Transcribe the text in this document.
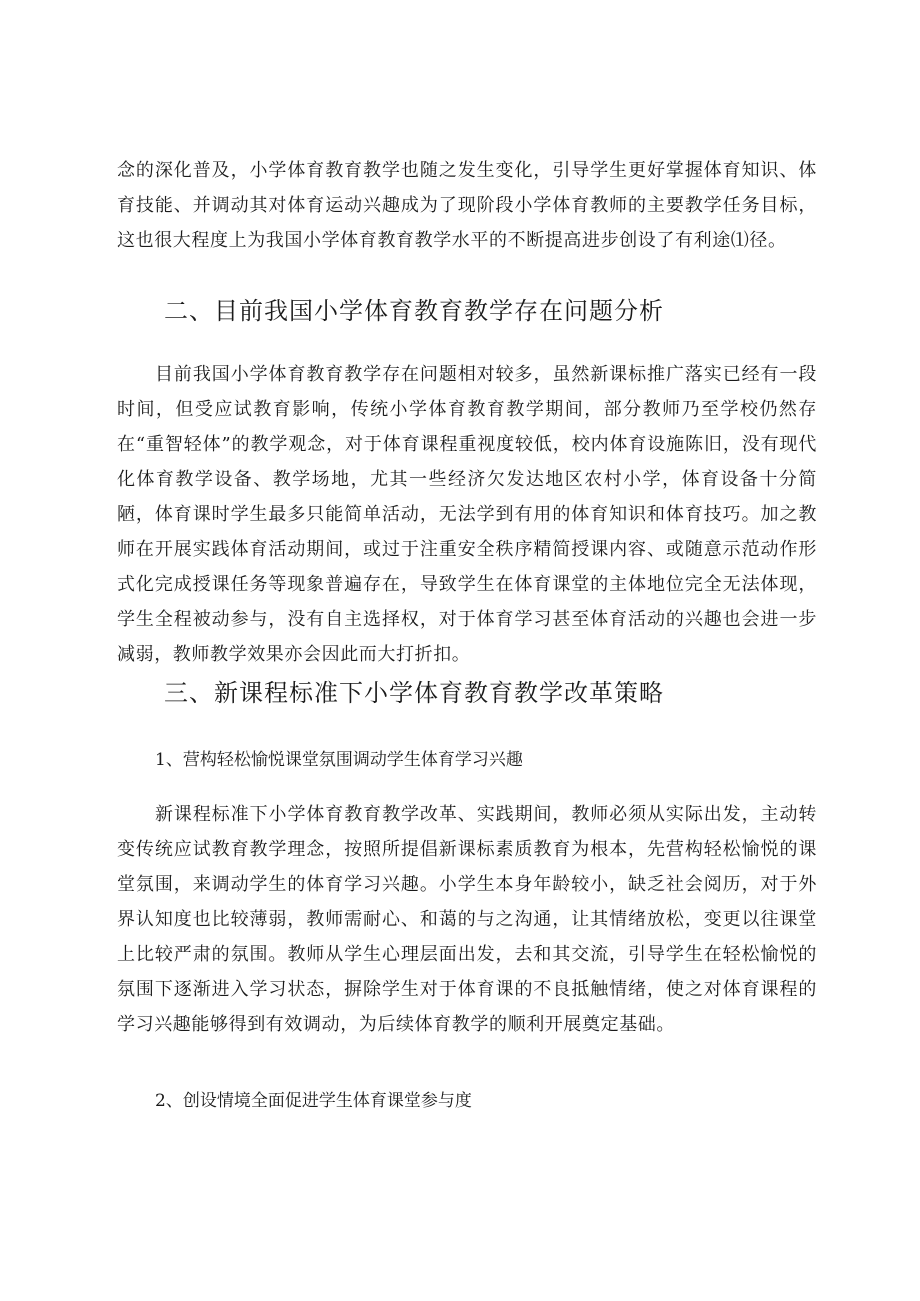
念的深化普及，小学体育教育教学也随之发生变化，引导学生更好掌握体育知识、体育技能、并调动其对体育运动兴趣成为了现阶段小学体育教师的主要教学任务目标，这也很大程度上为我国小学体育教育教学水平的不断提高进步创设了有利途⑴径。

二、目前我国小学体育教育教学存在问题分析

目前我国小学体育教育教学存在问题相对较多，虽然新课标推广落实已经有一段时间，但受应试教育影响，传统小学体育教育教学期间，部分教师乃至学校仍然存在“重智轻体”的教学观念，对于体育课程重视度较低，校内体育设施陈旧，没有现代化体育教学设备、教学场地，尤其一些经济欠发达地区农村小学，体育设备十分简陋，体育课时学生最多只能简单活动，无法学到有用的体育知识和体育技巧。加之教师在开展实践体育活动期间，或过于注重安全秩序精简授课内容、或随意示范动作形式化完成授课任务等现象普遍存在，导致学生在体育课堂的主体地位完全无法体现，学生全程被动参与，没有自主选择权，对于体育学习甚至体育活动的兴趣也会进一步减弱，教师教学效果亦会因此而大打折扣。

三、新课程标准下小学体育教育教学改革策略
1、营构轻松愉悦课堂氛围调动学生体育学习兴趣

新课程标准下小学体育教育教学改革、实践期间，教师必须从实际出发，主动转变传统应试教育教学理念，按照所提倡新课标素质教育为根本，先营构轻松愉悦的课堂氛围，来调动学生的体育学习兴趣。小学生本身年龄较小，缺乏社会阅历，对于外界认知度也比较薄弱，教师需耐心、和蔼的与之沟通，让其情绪放松，变更以往课堂上比较严肃的氛围。教师从学生心理层面出发，去和其交流，引导学生在轻松愉悦的氛围下逐渐进入学习状态，摒除学生对于体育课的不良抵触情绪，使之对体育课程的学习兴趣能够得到有效调动，为后续体育教学的顺利开展奠定基础。

2、创设情境全面促进学生体育课堂参与度
